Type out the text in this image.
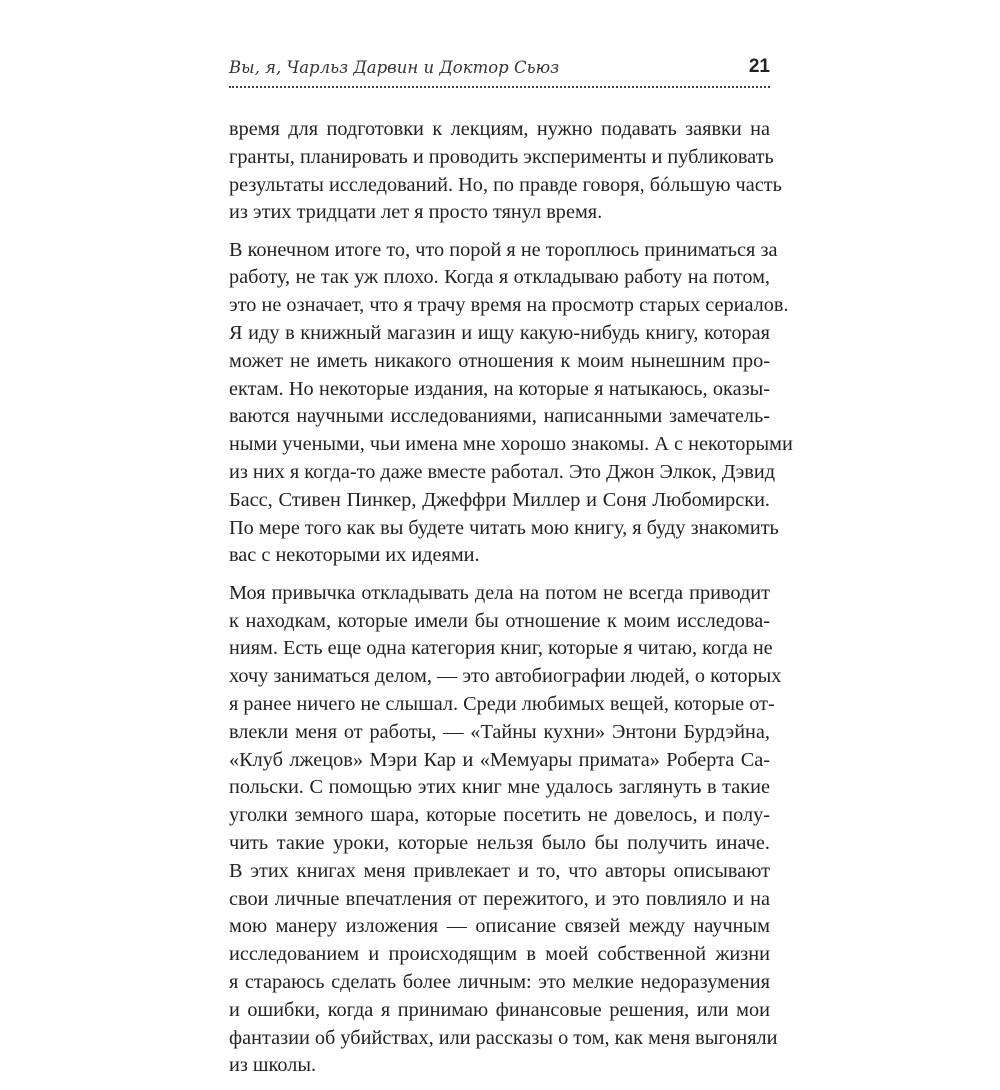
Вы, я, Чарльз Дарвин и Доктор Сьюз	21

время для подготовки к лекциям, нужно подавать заявки на
гранты, планировать и проводить эксперименты и публиковать
результаты исследований. Но, по правде говоря, бóльшую часть
из этих тридцати лет я просто тянул время.

В конечном итоге то, что порой я не тороплюсь приниматься за
работу, не так уж плохо. Когда я откладываю работу на потом,
это не означает, что я трачу время на просмотр старых сериалов.
Я иду в книжный магазин и ищу какую-нибудь книгу, которая
может не иметь никакого отношения к моим нынешним про-
ектам. Но некоторые издания, на которые я натыкаюсь, оказы-
ваются научными исследованиями, написанными замечатель-
ными учеными, чьи имена мне хорошо знакомы. А с некоторыми
из них я когда-то даже вместе работал. Это Джон Элкок, Дэвид
Басс, Стивен Пинкер, Джеффри Миллер и Соня Любомирски.
По мере того как вы будете читать мою книгу, я буду знакомить
вас с некоторыми их идеями.

Моя привычка откладывать дела на потом не всегда приводит
к находкам, которые имели бы отношение к моим исследова-
ниям. Есть еще одна категория книг, которые я читаю, когда не
хочу заниматься делом, — это автобиографии людей, о которых
я ранее ничего не слышал. Среди любимых вещей, которые от-
влекли меня от работы, — «Тайны кухни» Энтони Бурдэйна,
«Клуб лжецов» Мэри Кар и «Мемуары примата» Роберта Са-
польски. С помощью этих книг мне удалось заглянуть в такие
уголки земного шара, которые посетить не довелось, и полу-
чить такие уроки, которые нельзя было бы получить иначе.
В этих книгах меня привлекает и то, что авторы описывают
свои личные впечатления от пережитого, и это повлияло и на
мою манеру изложения — описание связей между научным
исследованием и происходящим в моей собственной жизни
я стараюсь сделать более личным: это мелкие недоразумения
и ошибки, когда я принимаю финансовые решения, или мои
фантазии об убийствах, или рассказы о том, как меня выгоняли
из школы.
